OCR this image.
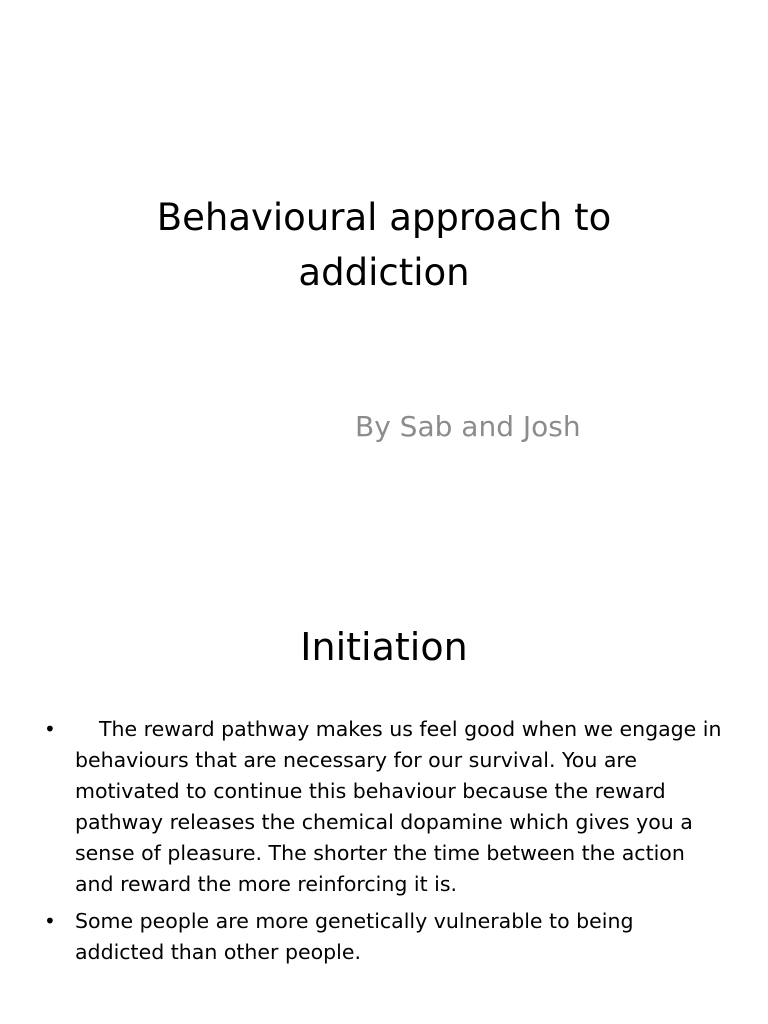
Behavioural approach to
addiction

By Sab and Josh

Initiation
•	The reward pathway makes us feel good when we engage in behaviours that are necessary for our survival. You are motivated to continue this behaviour because the reward pathway releases the chemical dopamine which gives you a sense of pleasure. The shorter the time between the action and reward the more reinforcing it is.
• Some people are more genetically vulnerable to being addicted than other people.
